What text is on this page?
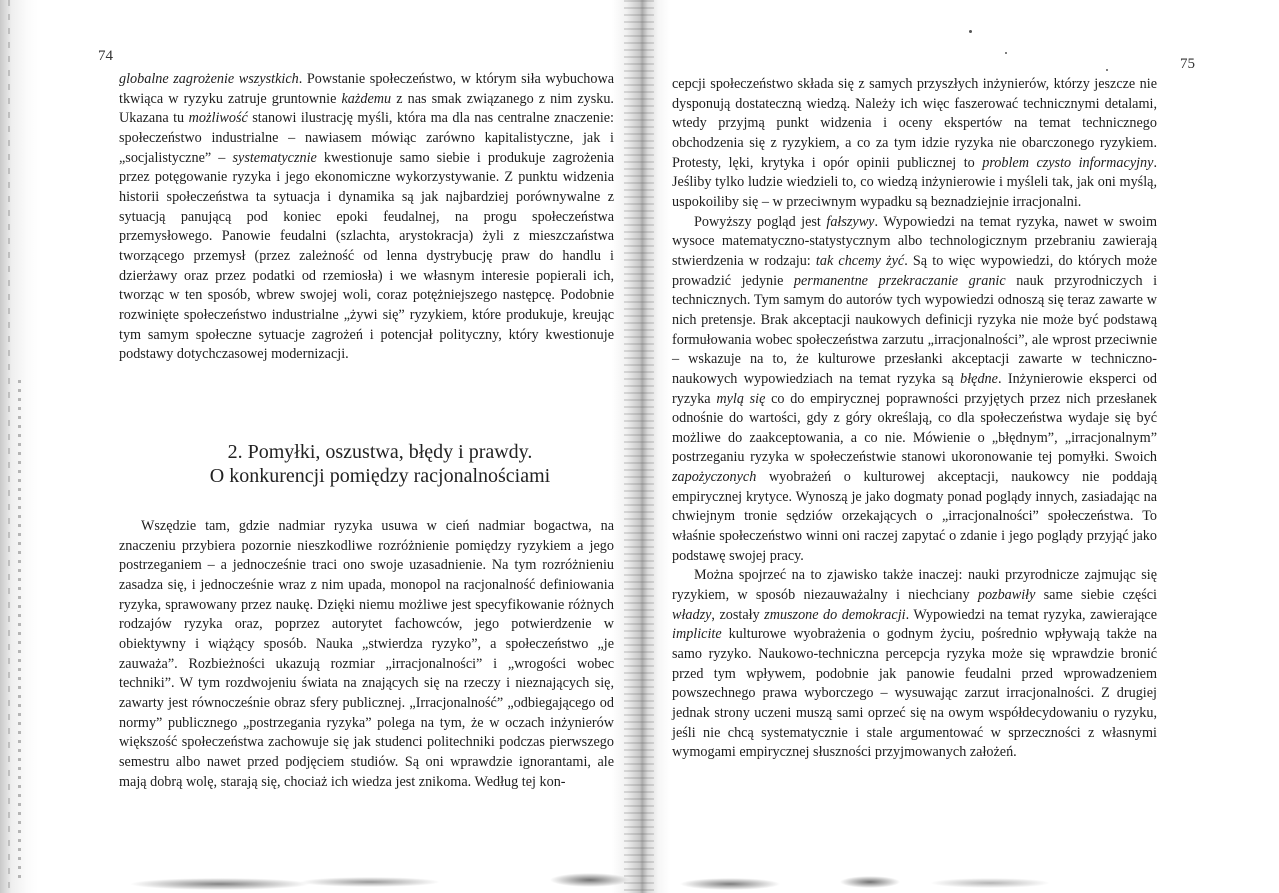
74	75

globalne zagrożenie wszystkich. Powstanie społeczeństwo, w którym siła wybuchowa tkwiąca w ryzyku zatruje gruntownie każdemu z nas smak związanego z nim zysku. Ukazana tu możliwość stanowi ilustrację myśli, która ma dla nas centralne znaczenie: społeczeństwo industrialne – nawiasem mówiąc zarówno kapitalistyczne, jak i „socjalistyczne” – systematycznie kwestionuje samo siebie i produkuje zagrożenia przez potęgowanie ryzyka i jego ekonomiczne wykorzystywanie. Z punktu widzenia historii społeczeństwa ta sytuacja i dynamika są jak najbardziej porównywalne z sytuacją panującą pod koniec epoki feudalnej, na progu społeczeństwa przemysłowego. Panowie feudalni (szlachta, arystokracja) żyli z mieszczaństwa tworzącego przemysł (przez zależność od lenna dystrybucję praw do handlu i dzierżawy oraz przez podatki od rzemiosła) i we własnym interesie popierali ich, tworząc w ten sposób, wbrew swojej woli, coraz potężniejszego następcę. Podobnie rozwinięte społeczeństwo industrialne „żywi się” ryzykiem, które produkuje, kreując tym samym społeczne sytuacje zagrożeń i potencjał polityczny, który kwestionuje podstawy dotychczasowej modernizacji.

2. Pomyłki, oszustwa, błędy i prawdy.
O konkurencji pomiędzy racjonalnościami

Wszędzie tam, gdzie nadmiar ryzyka usuwa w cień nadmiar bogactwa, na znaczeniu przybiera pozornie nieszkodliwe rozróżnienie pomiędzy ryzykiem a jego postrzeganiem – a jednocześnie traci ono swoje uzasadnienie. Na tym rozróżnieniu zasadza się, i jednocześnie wraz z nim upada, monopol na racjonalność definiowania ryzyka, sprawowany przez naukę. Dzięki niemu możliwe jest specyfikowanie różnych rodzajów ryzyka oraz, poprzez autorytet fachowców, jego potwierdzenie w obiektywny i wiążący sposób. Nauka „stwierdza ryzyko”, a społeczeństwo „je zauważa”. Rozbieżności ukazują rozmiar „irracjonalności” i „wrogości wobec techniki”. W tym rozdwojeniu świata na znających się na rzeczy i nieznających się, zawarty jest równocześnie obraz sfery publicznej. „Irracjonalność” „odbiegającego od normy” publicznego „postrzegania ryzyka” polega na tym, że w oczach inżynierów większość społeczeństwa zachowuje się jak studenci politechniki podczas pierwszego semestru albo nawet przed podjęciem studiów. Są oni wprawdzie ignorantami, ale mają dobrą wolę, starają się, chociaż ich wiedza jest znikoma. Według tej kon-

cepcji społeczeństwo składa się z samych przyszłych inżynierów, którzy jeszcze nie dysponują dostateczną wiedzą. Należy ich więc faszerować technicznymi detalami, wtedy przyjmą punkt widzenia i oceny ekspertów na temat technicznego obchodzenia się z ryzykiem, a co za tym idzie ryzyka nie obarczonego ryzykiem. Protesty, lęki, krytyka i opór opinii publicznej to problem czysto informacyjny. Jeśliby tylko ludzie wiedzieli to, co wiedzą inżynierowie i myśleli tak, jak oni myślą, uspokoiliby się – w przeciwnym wypadku są beznadziejnie irracjonalni.

Powyższy pogląd jest fałszywy. Wypowiedzi na temat ryzyka, nawet w swoim wysoce matematyczno-statystycznym albo technologicznym przebraniu zawierają stwierdzenia w rodzaju: tak chcemy żyć. Są to więc wypowiedzi, do których może prowadzić jedynie permanentne przekraczanie granic nauk przyrodniczych i technicznych. Tym samym do autorów tych wypowiedzi odnoszą się teraz zawarte w nich pretensje. Brak akceptacji naukowych definicji ryzyka nie może być podstawą formułowania wobec społeczeństwa zarzutu „irracjonalności”, ale wprost przeciwnie – wskazuje na to, że kulturowe przesłanki akceptacji zawarte w techniczno-naukowych wypowiedziach na temat ryzyka są błędne. Inżynierowie eksperci od ryzyka mylą się co do empirycznej poprawności przyjętych przez nich przesłanek odnośnie do wartości, gdy z góry określają, co dla społeczeństwa wydaje się być możliwe do zaakceptowania, a co nie. Mówienie o „błędnym”, „irracjonalnym” postrzeganiu ryzyka w społeczeństwie stanowi ukoronowanie tej pomyłki. Swoich zapożyczonych wyobrażeń o kulturowej akceptacji, naukowcy nie poddają empirycznej krytyce. Wynoszą je jako dogmaty ponad poglądy innych, zasiadając na chwiejnym tronie sędziów orzekających o „irracjonalności” społeczeństwa. To właśnie społeczeństwo winni oni raczej zapytać o zdanie i jego poglądy przyjąć jako podstawę swojej pracy.

Można spojrzeć na to zjawisko także inaczej: nauki przyrodnicze zajmując się ryzykiem, w sposób niezauważalny i niechciany pozbawiły same siebie części władzy, zostały zmuszone do demokracji. Wypowiedzi na temat ryzyka, zawierające implicite kulturowe wyobrażenia o godnym życiu, pośrednio wpływają także na samo ryzyko. Naukowo-techniczna percepcja ryzyka może się wprawdzie bronić przed tym wpływem, podobnie jak panowie feudalni przed wprowadzeniem powszechnego prawa wyborczego – wysuwając zarzut irracjonalności. Z drugiej jednak strony uczeni muszą sami oprzeć się na owym współdecydowaniu o ryzyku, jeśli nie chcą systematycznie i stale argumentować w sprzeczności z własnymi wymogami empirycznej słuszności przyjmowanych założeń.
